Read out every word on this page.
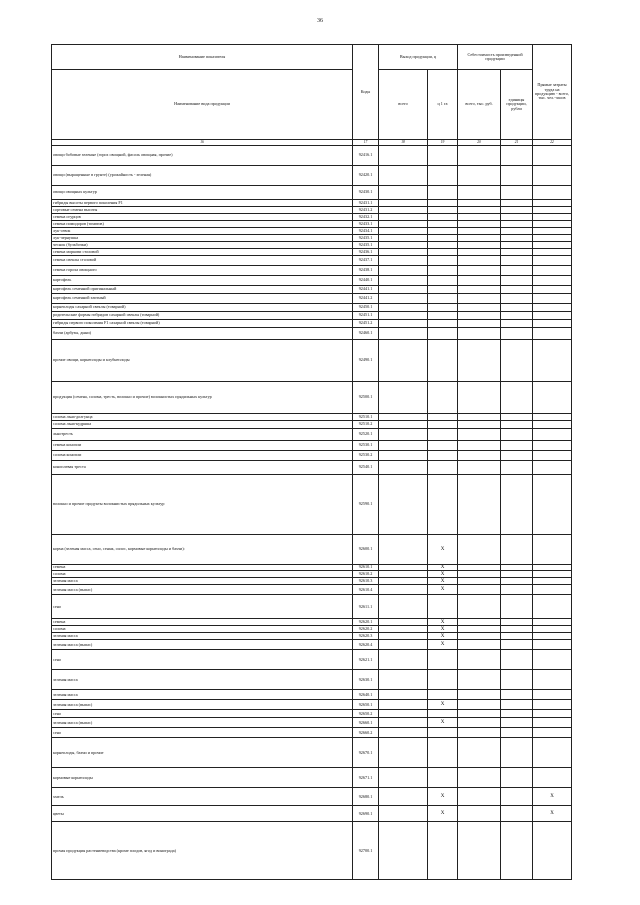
36
Наименование показателя	Коды	Выход продукции, ц		Себестоимость произведенной продукции		Прямые затраты труда на продукцию - всего, тыс. чел.-часов
Наименование вида продукции		всего	ц 1 га	всего, тыс. руб.	единицы продукции, рубли	
16	17	18	19	20	21	22
овощи бобовые зеленые (горох овощной, фасоль овощная, прочие)	92416.1					
овощи (выращенные в грунте) (урожайность - зеленая)	92420.1					
овощи овощных культур	92430.1					
гибриды высоты первого поколения F1	92431.1					
сортовые семена высоты	92431.2					
семена огурцов	92432.1					
семена помидоров (томатов)	92433.1					
лук-севок	92434.1					
лук-чернушка	92435.1					
чеснок (бульбочки)	92435.1					
семена моркови столовой	92436.1					
семена свеклы столовой	92437.1					
семена гороха овощного	92438.1					
картофель	92440.1					
картофель семенной оригинальный	92441.1					
картофель семенной элитный	92441.2					
корнеплоды сахарной свеклы (товарной)	92450.1					
родительские формы гибридов сахарной свеклы (товарной)	92451.1					
гибриды первого поколения F1 сахарной свеклы (товарной)	92451.2					
бахчи (арбузы, дыни)	92460.1					
прочие овощи, корнеплоды и клубнеплоды	92490.1					
продукция (семена, солома, тресть, волокно и прочие) волокнистых прядильных культур	92500.1					
солома льна-долгунца	92510.1					
солома льна-кудряша	92510.2					
льнотресть	92520.1					
семена конопли	92530.1					
солома конопли	92530.2					
коноплевая треста	92540.1					
волокно и прочие продукты волокнистых прядильных культур	92590.1					
корма (зеленая масса, сено, сенаж, силос, кормовые корнеплоды и бахчи):	92600.1		X			
семена	92610.1		X			
солома	92610.2		X			
зеленая масса	92610.3		X			
зеленая масса (выпас)	92610.4		X			
сено	92611.1					
семена	92620.1		X			
солома	92620.2		X			
зеленая масса	92620.3		X			
зеленая масса (выпас)	92620.4		X			
сено	92621.1					
зеленая масса	92630.1					
зеленая масса	92640.1					
зеленая масса (выпас)	92650.1		X			
сено	92650.2					
зеленая масса (выпас)	92660.1		X			
сено	92660.2					
корнеплоды, бахчи и прочие	92670.1					
кормовые корнеплоды	92671.1					
хмель	92680.1		X			X
цветы	92690.1		X			X
прочая продукция растениеводства (кроме плодов, ягод и винограда)	92700.1					
